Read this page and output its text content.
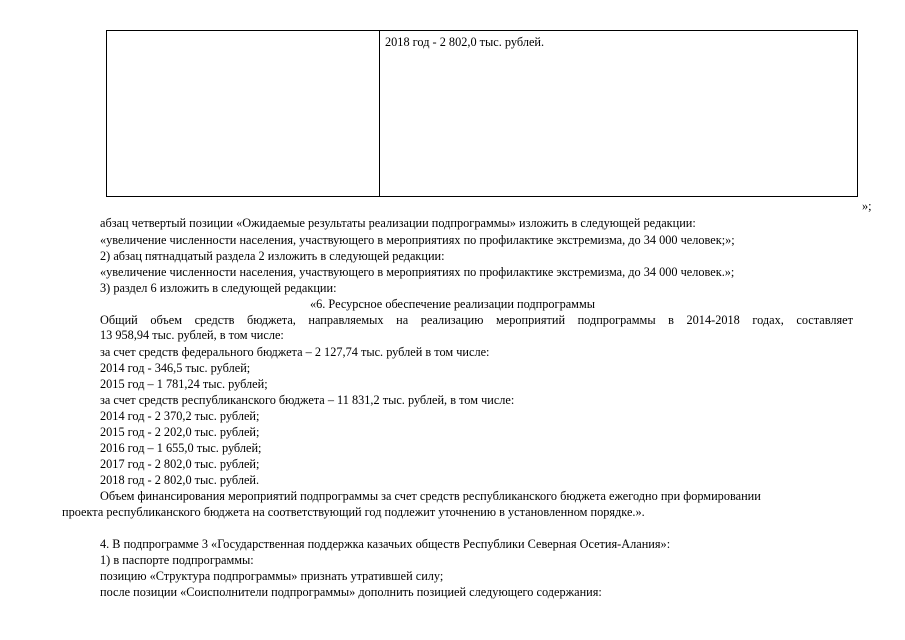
2018 год - 2 802,0 тыс. рублей.
»;
абзац четвертый позиции «Ожидаемые результаты реализации подпрограммы» изложить в следующей редакции:
«увеличение численности населения, участвующего в мероприятиях по профилактике экстремизма, до 34 000 человек;»;
2) абзац пятнадцатый раздела 2 изложить в следующей редакции:
«увеличение численности населения, участвующего в мероприятиях по профилактике экстремизма, до 34 000 человек.»;
3) раздел 6 изложить в следующей редакции:
«6. Ресурсное обеспечение реализации подпрограммы
Общий объем средств бюджета, направляемых на реализацию мероприятий подпрограммы в 2014-2018 годах, составляет
13 958,94 тыс. рублей, в том числе:
за счет средств федерального бюджета – 2 127,74 тыс. рублей в том числе:
2014 год - 346,5 тыс. рублей;
2015 год – 1 781,24 тыс. рублей;
за счет средств республиканского бюджета – 11 831,2 тыс. рублей, в том числе:
2014 год - 2 370,2 тыс. рублей;
2015 год - 2 202,0 тыс. рублей;
2016 год – 1 655,0 тыс. рублей;
2017 год - 2 802,0 тыс. рублей;
2018 год - 2 802,0 тыс. рублей.
Объем финансирования мероприятий подпрограммы за счет средств республиканского бюджета ежегодно при формировании
проекта республиканского бюджета на соответствующий год подлежит уточнению в установленном порядке.».
4. В подпрограмме 3 «Государственная поддержка казачьих обществ Республики Северная Осетия-Алания»:
1) в паспорте подпрограммы:
позицию «Структура подпрограммы» признать утратившей силу;
после позиции «Соисполнители подпрограммы» дополнить позицией следующего содержания:
